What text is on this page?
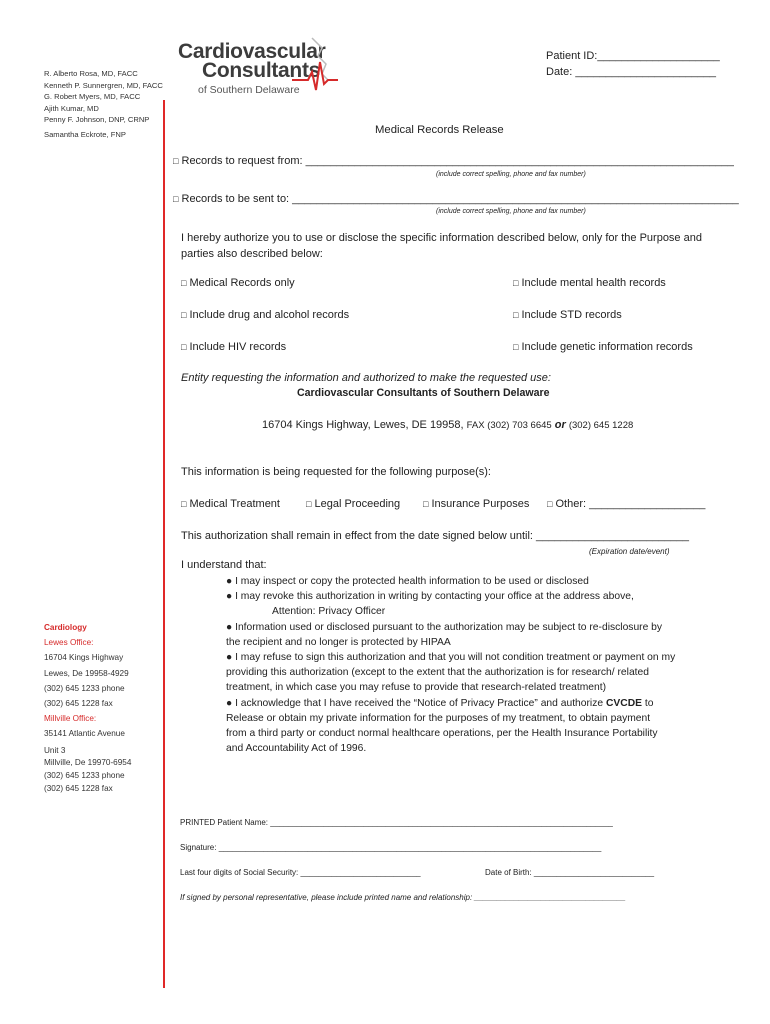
R. Alberto Rosa, MD, FACC
Kenneth P. Sunnergren, MD, FACC
G. Robert Myers, MD, FACC
Ajith Kumar, MD
Penny F. Johnson, DNP, CRNP
Samantha Eckrote, FNP
Cardiovascular
Consultants
of Southern Delaware
Patient ID:____________________
Date: _______________________
Cardiology
Lewes Office:
16704 Kings Highway
Lewes, De 19958-4929
(302) 645 1233 phone
(302) 645 1228 fax
Millville Office:
35141 Atlantic Avenue
Unit 3
Millville, De 19970-6954
(302) 645 1233 phone
(302) 645 1228 fax
Medical Records Release
□ Records to request from: ______________________________________________________________________
(include correct spelling, phone and fax number)
□ Records to be sent to: _________________________________________________________________________
(include correct spelling, phone and fax number)
I hereby authorize you to use or disclose the specific information described below, only for the Purpose and parties also described below:
□ Medical Records only	□ Include mental health records
□ Include drug and alcohol records	□ Include STD records
□ Include HIV records	□ Include genetic information records
Entity requesting the information and authorized to make the requested use:
Cardiovascular Consultants of Southern Delaware
16704 Kings Highway, Lewes, DE 19958, FAX (302) 703 6645 or (302) 645 1228
This information is being requested for the following purpose(s):
□ Medical Treatment	□ Legal Proceeding	□ Insurance Purposes □ Other: ___________________
This authorization shall remain in effect from the date signed below until: _________________________
(Expiration date/event)
I understand that:
● I may inspect or copy the protected health information to be used or disclosed
● I may revoke this authorization in writing by contacting your office at the address above,
Attention: Privacy Officer
● Information used or disclosed pursuant to the authorization may be subject to re-disclosure by
the recipient and no longer is protected by HIPAA
● I may refuse to sign this authorization and that you will not condition treatment or payment on my
providing this authorization (except to the extent that the authorization is for research/ related
treatment, in which case you may refuse to provide that research-related treatment)
● I acknowledge that I have received the “Notice of Privacy Practice” and authorize CVCDE to
Release or obtain my private information for the purposes of my treatment, to obtain payment
from a third party or conduct normal healthcare operations, per the Health Insurance Portability
and Accountability Act of 1996.
PRINTED Patient Name: _____________________________________________________________________________
Signature: ______________________________________________________________________________________
Last four digits of Social Security: ___________________________	Date of Birth: ___________________________
If signed by personal representative, please include printed name and relationship: __________________________________
